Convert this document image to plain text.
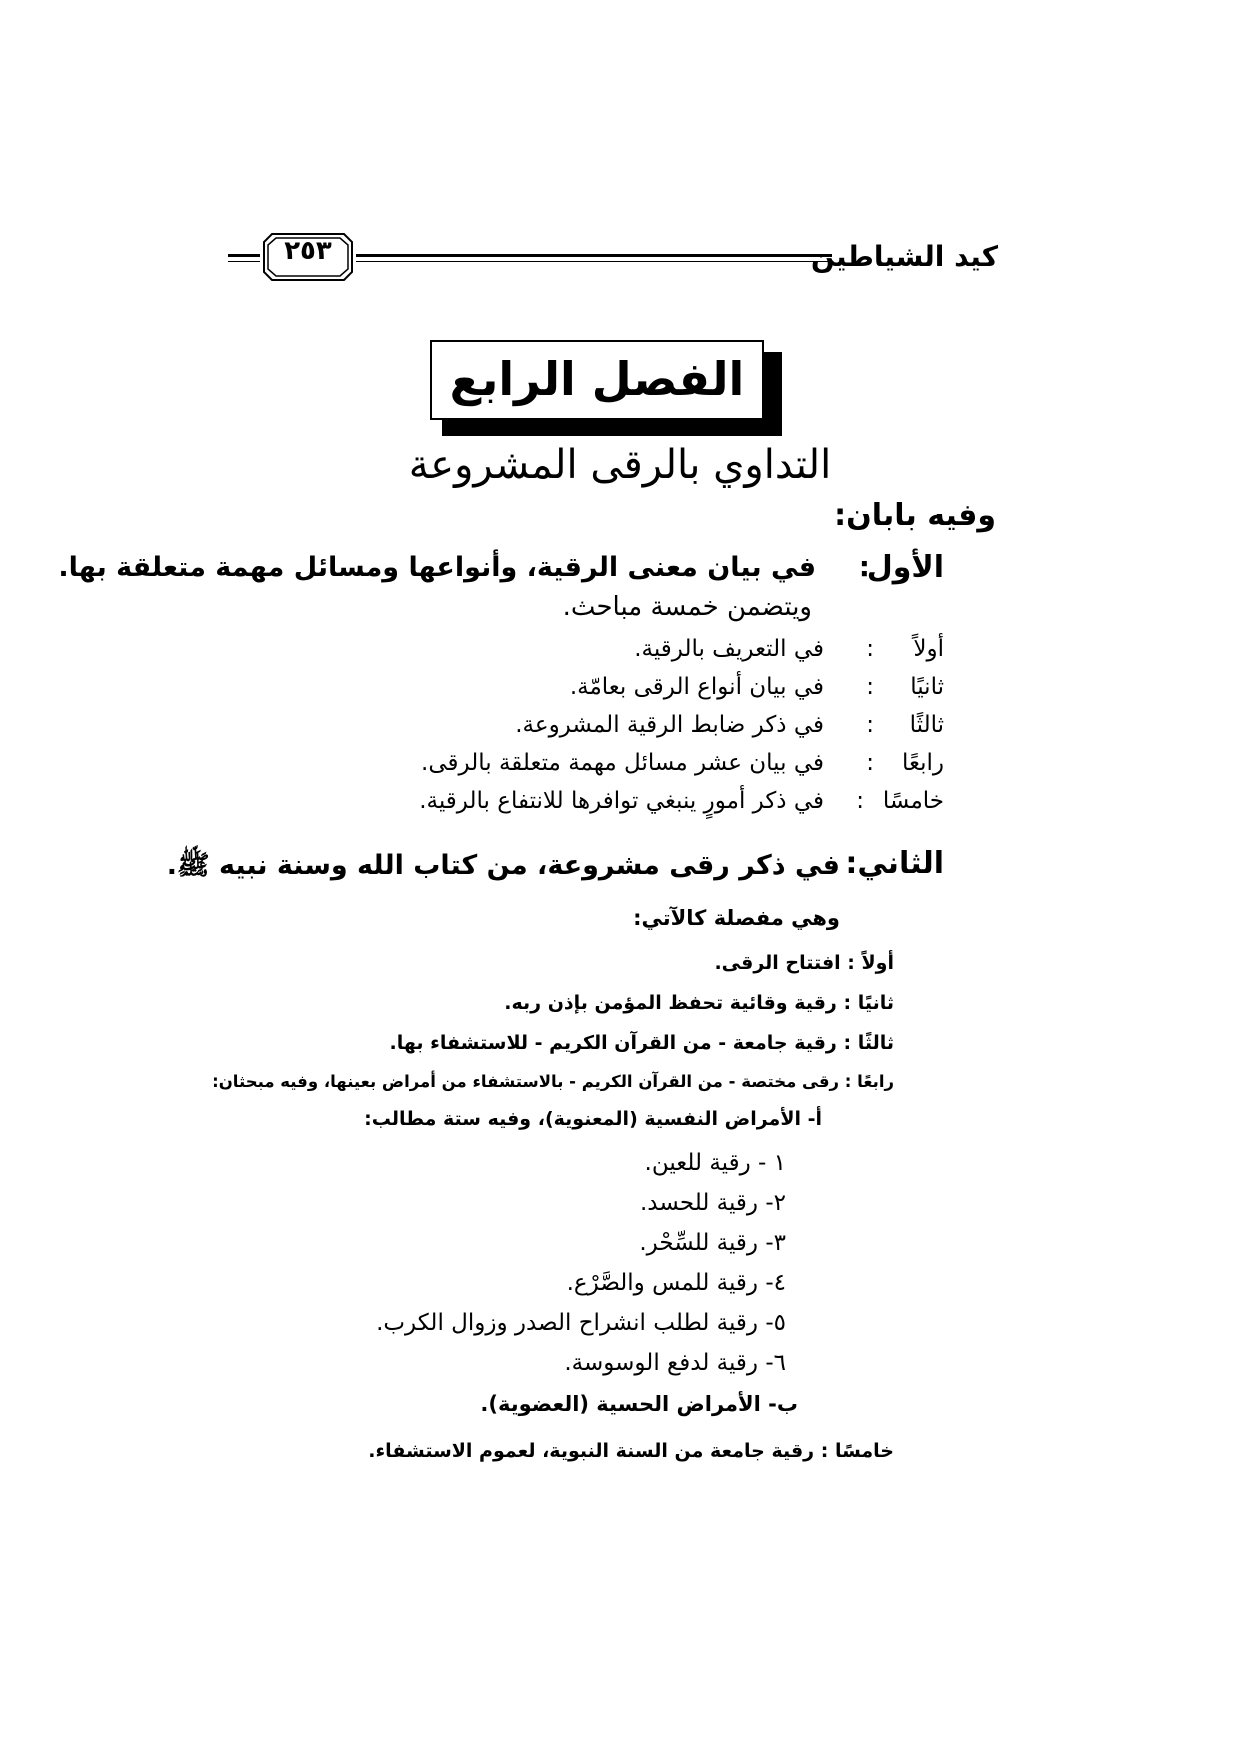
كيد الشياطين
٢٥٣
الفصل الرابع
التداوي بالرقى المشروعة
وفيه بابان:
الأول
:
في بيان معنى الرقية، وأنواعها ومسائل مهمة متعلقة بها.
ويتضمن خمسة مباحث.
أولاً
:
في التعريف بالرقية.
ثانيًا
:
في بيان أنواع الرقى بعامّة.
ثالثًا
:
في ذكر ضابط الرقية المشروعة.
رابعًا
:
في بيان عشر مسائل مهمة متعلقة بالرقى.
خامسًا
:
في ذكر أمورٍ ينبغي توافرها للانتفاع بالرقية.
الثاني:
في ذكر رقى مشروعة، من كتاب الله وسنة نبيه ﷺ.
وهي مفصلة كالآتي:
أولاً : افتتاح الرقى.
ثانيًا : رقية وقائية تحفظ المؤمن بإذن ربه.
ثالثًا : رقية جامعة - من القرآن الكريم - للاستشفاء بها.
رابعًا : رقى مختصة - من القرآن الكريم - بالاستشفاء من أمراض بعينها، وفيه مبحثان:
أ- الأمراض النفسية (المعنوية)، وفيه ستة مطالب:
١ - رقية للعين.
٢- رقية للحسد.
٣- رقية للسِّحْر.
٤- رقية للمس والصَّرْع.
٥- رقية لطلب انشراح الصدر وزوال الكرب.
٦- رقية لدفع الوسوسة.
ب- الأمراض الحسية (العضوية).
خامسًا : رقية جامعة من السنة النبوية، لعموم الاستشفاء.
